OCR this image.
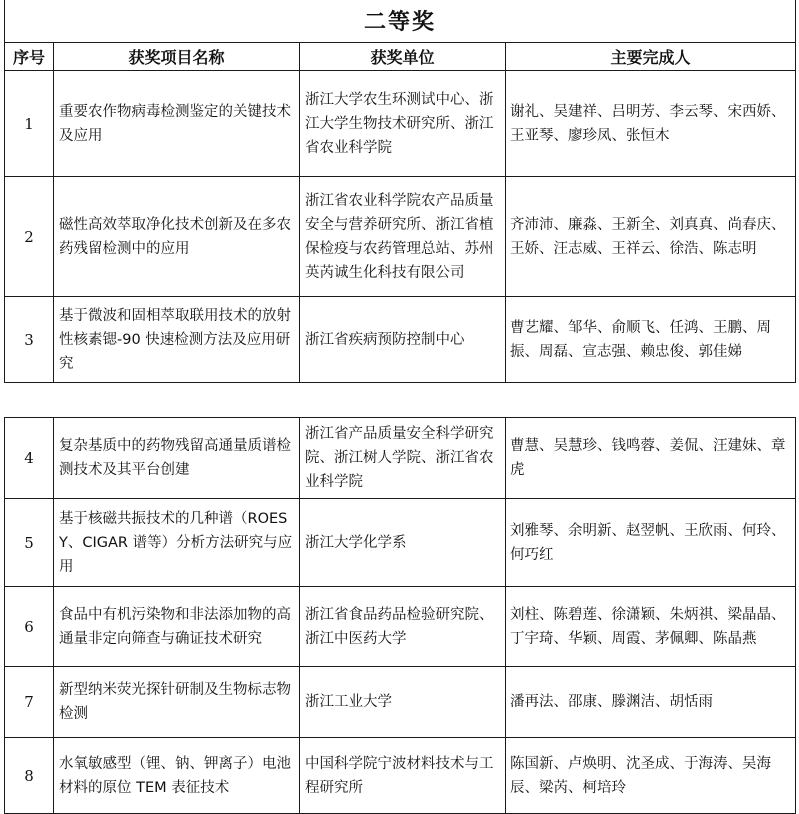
二等奖			
序号	获奖项目名称	获奖单位	主要完成人
1	重要农作物病毒检测鉴定的关键技术及应用	浙江大学农生环测试中心、浙江大学生物技术研究所、浙江省农业科学院	谢礼、吴建祥、吕明芳、李云琴、宋西娇、王亚琴、廖珍凤、张恒木
2	磁性高效萃取净化技术创新及在多农药残留检测中的应用	浙江省农业科学院农产品质量安全与营养研究所、浙江省植保检疫与农药管理总站、苏州英芮诚生化科技有限公司	齐沛沛、廉淼、王新全、刘真真、尚春庆、王娇、汪志威、王祥云、徐浩、陈志明
3	基于微波和固相萃取联用技术的放射性核素锶-90 快速检测方法及应用研究	浙江省疾病预防控制中心	曹艺耀、邹华、俞顺飞、任鸿、王鹏、周振、周磊、宣志强、赖忠俊、郭佳娣
4	复杂基质中的药物残留高通量质谱检测技术及其平台创建	浙江省产品质量安全科学研究院、浙江树人学院、浙江省农业科学院	曹慧、吴慧珍、钱鸣蓉、姜侃、汪建妹、章虎
5	基于核磁共振技术的几种谱（ROESY、CIGAR 谱等）分析方法研究与应用	浙江大学化学系	刘雅琴、余明新、赵翌帆、王欣雨、何玲、何巧红
6	食品中有机污染物和非法添加物的高通量非定向筛查与确证技术研究	浙江省食品药品检验研究院、浙江中医药大学	刘柱、陈碧莲、徐潇颖、朱炳祺、梁晶晶、丁宇琦、华颖、周霞、茅佩卿、陈晶燕
7	新型纳米荧光探针研制及生物标志物检测	浙江工业大学	潘再法、邵康、滕渊洁、胡恬雨
8	水氧敏感型（锂、钠、钾离子）电池材料的原位 TEM 表征技术	中国科学院宁波材料技术与工程研究所	陈国新、卢焕明、沈圣成、于海涛、吴海辰、梁芮、柯培玲
